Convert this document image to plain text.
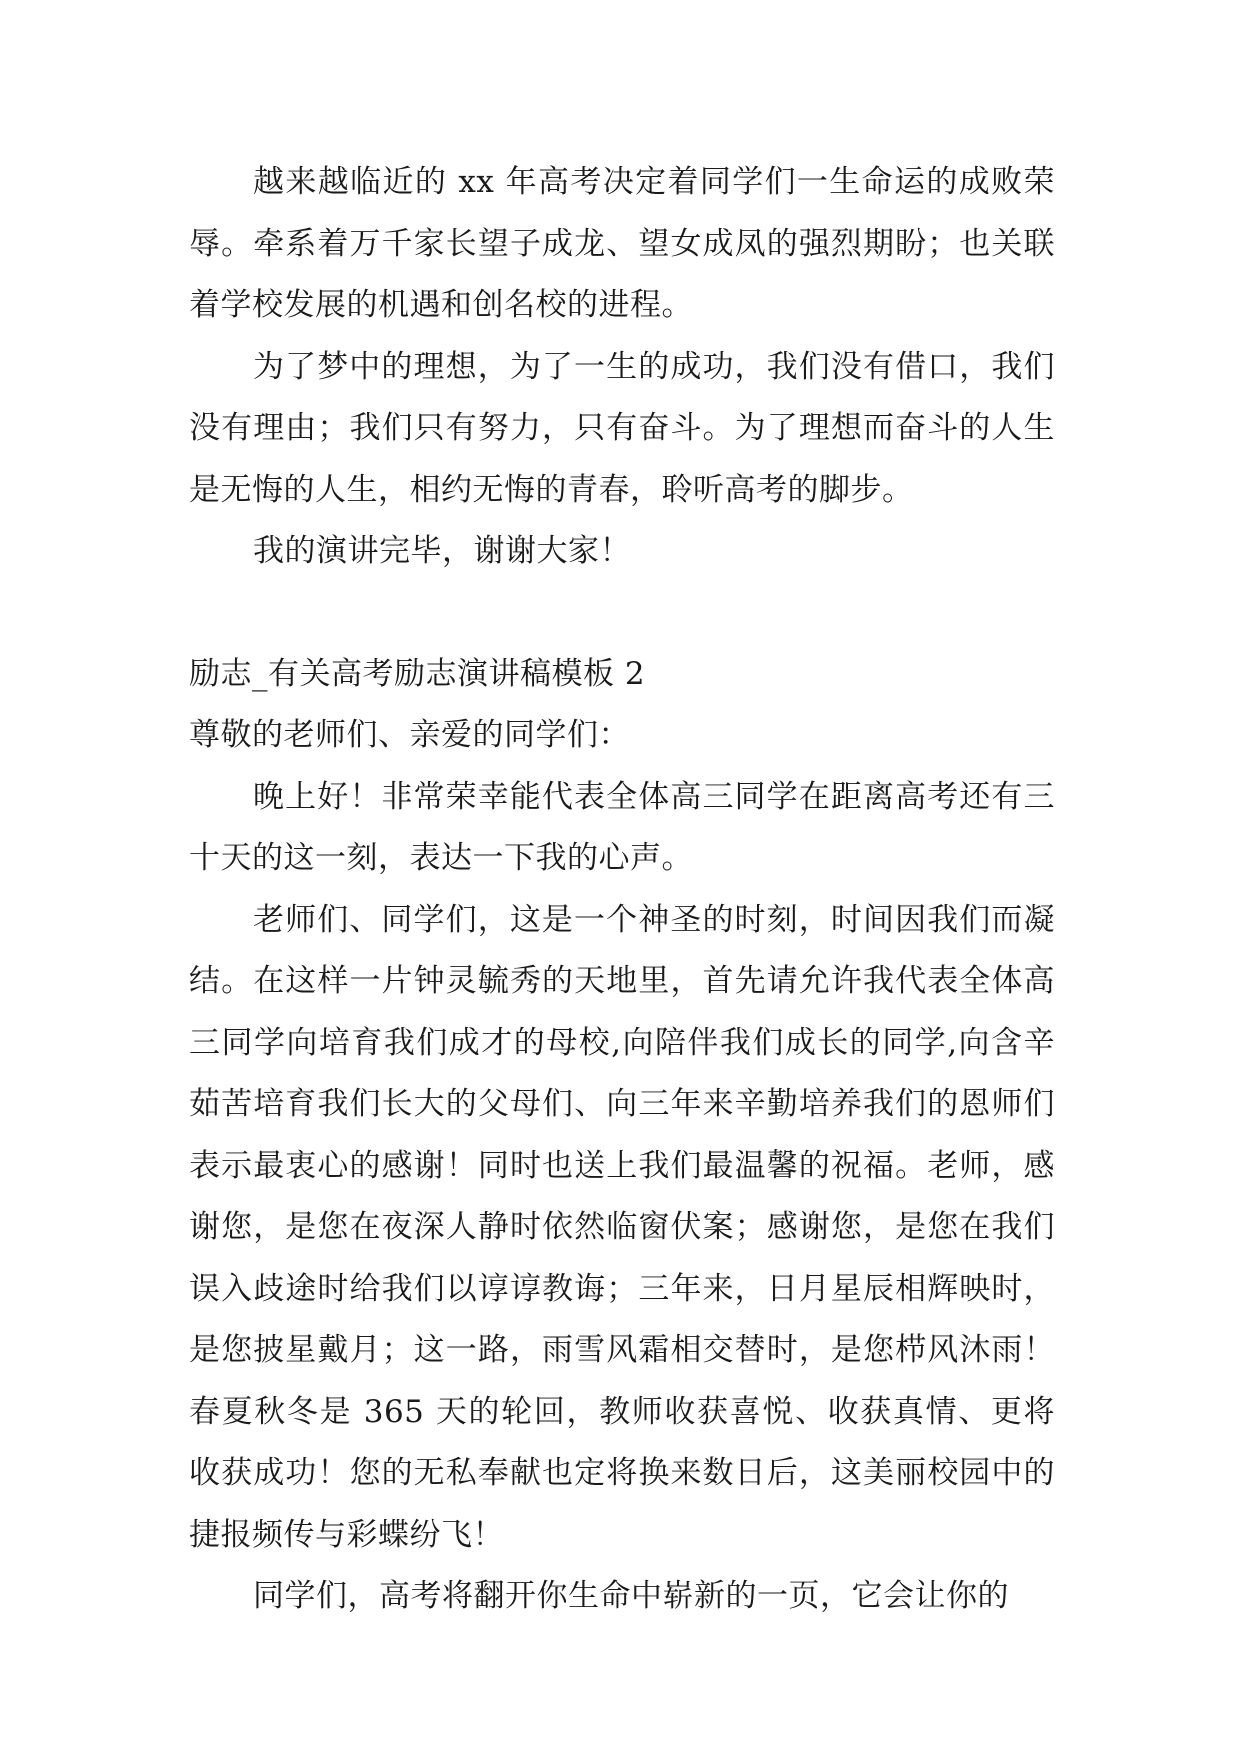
越来越临近的 xx 年高考决定着同学们一生命运的成败荣辱。牵系着万千家长望子成龙、望女成凤的强烈期盼；也关联着学校发展的机遇和创名校的进程。

为了梦中的理想，为了一生的成功，我们没有借口，我们没有理由；我们只有努力，只有奋斗。为了理想而奋斗的人生是无悔的人生，相约无悔的青春，聆听高考的脚步。

我的演讲完毕，谢谢大家！

励志_有关高考励志演讲稿模板 2

尊敬的老师们、亲爱的同学们：

晚上好！非常荣幸能代表全体高三同学在距离高考还有三十天的这一刻，表达一下我的心声。

老师们、同学们，这是一个神圣的时刻，时间因我们而凝结。在这样一片钟灵毓秀的天地里，首先请允许我代表全体高三同学向培育我们成才的母校,向陪伴我们成长的同学,向含辛茹苦培育我们长大的父母们、向三年来辛勤培养我们的恩师们表示最衷心的感谢！同时也送上我们最温馨的祝福。老师，感谢您，是您在夜深人静时依然临窗伏案；感谢您，是您在我们误入歧途时给我们以谆谆教诲；三年来，日月星辰相辉映时，是您披星戴月；这一路，雨雪风霜相交替时，是您栉风沐雨！春夏秋冬是 365 天的轮回，教师收获喜悦、收获真情、更将收获成功！您的无私奉献也定将换来数日后，这美丽校园中的捷报频传与彩蝶纷飞！

同学们，高考将翻开你生命中崭新的一页，它会让你的
